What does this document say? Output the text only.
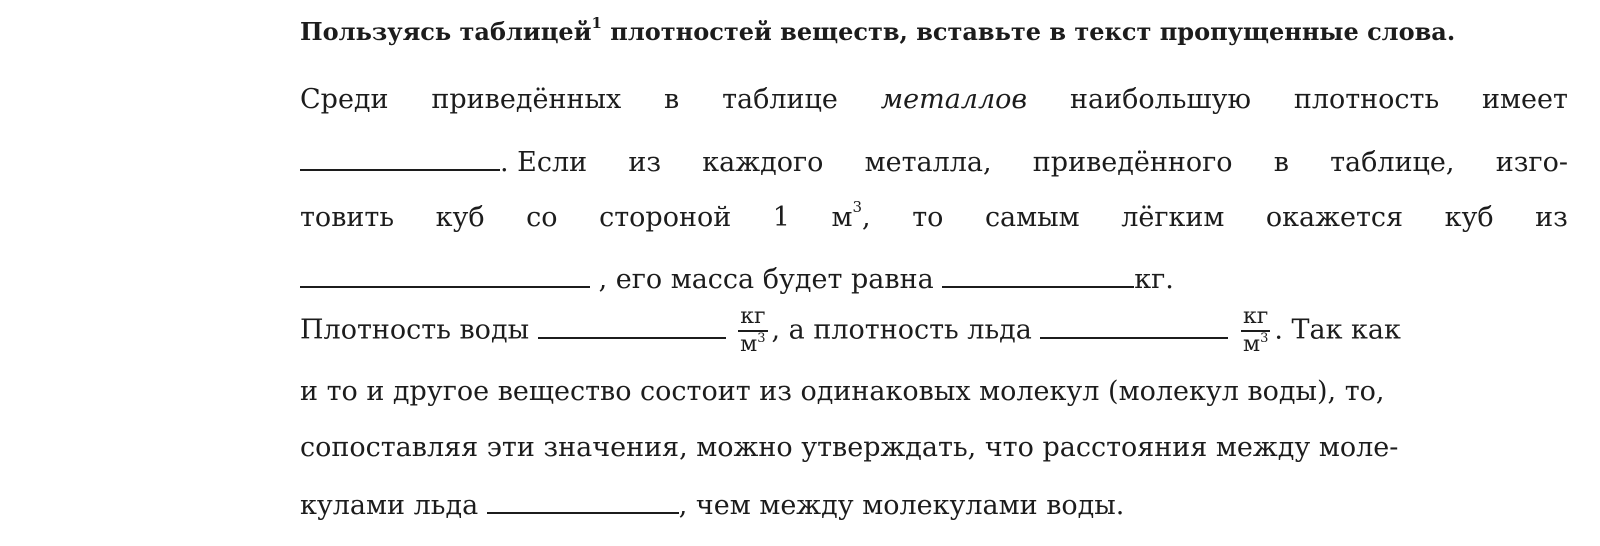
Пользуясь таблицей$^1$ плотностей веществ, вставьте в текст пропущенные слова.
Среди приведённых в таблице металлов наибольшую плотность имеет
. Если из каждого металла, приведённого в таблице, изго-
товить куб со стороной 1 $м^3$, то самым лёгким окажется куб из
, его масса будет равна	кг.
Плотность воды	$\frac{кг}{м^3}$ , а плотность льда	$\frac{кг}{м^3}$ . Так как
и то и другое вещество состоит из одинаковых молекул (молекул воды), то,
сопоставляя эти значения, можно утверждать, что расстояния между моле-
кулами льда	, чем между молекулами воды.
